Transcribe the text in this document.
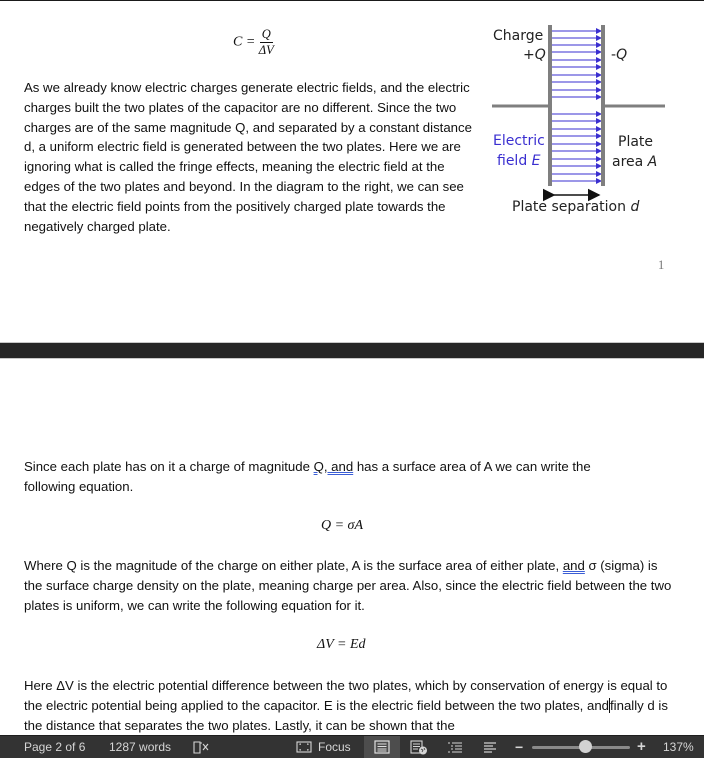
$C = \frac{Q}{\Delta V}$

As we already know electric charges generate electric fields, and the electric charges built the two plates of the capacitor are no different. Since the two charges are of the same magnitude Q, and separated by a constant distance d, a uniform electric field is generated between the two plates. Here we are ignoring what is called the fringe effects, meaning the electric field at the edges of the two plates and beyond. In the diagram to the right, we can see that the electric field points from the positively charged plate towards the negatively charged plate.

Charge
+Q	-Q
Electric
field E
Plate
area A
Plate separation d
1

Since each plate has on it a charge of magnitude Q, and has a surface area of A we can write the following equation.

Q = σA

Where Q is the magnitude of the charge on either plate, A is the surface area of either plate, and σ (sigma) is the surface charge density on the plate, meaning charge per area. Also, since the electric field between the two plates is uniform, we can write the following equation for it.

ΔV = Ed

Here ΔV is the electric potential difference between the two plates, which by conservation of energy is equal to the electric potential being applied to the capacitor. E is the electric field between the two plates, andfinally d is the distance that separates the two plates. Lastly, it can be shown that the

Page 2 of 6 1287 words	Focus	−	+ 137%
